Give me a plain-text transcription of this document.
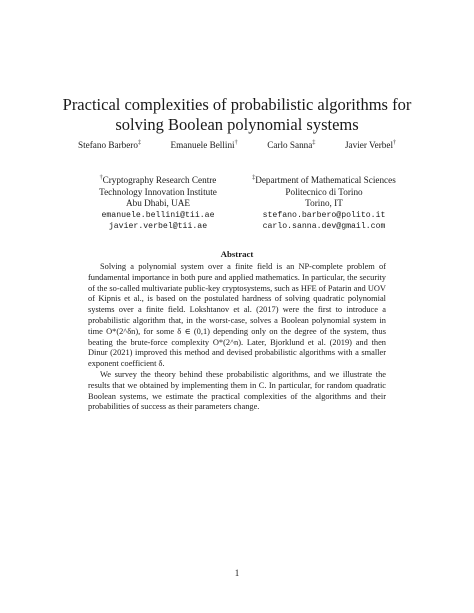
Practical complexities of probabilistic algorithms for
solving Boolean polynomial systems
Stefano Barbero‡	Emanuele Bellini†	Carlo Sanna‡	Javier Verbel†
†Cryptography Research Centre
Technology Innovation Institute
Abu Dhabi, UAE
emanuele.bellini@tii.ae
javier.verbel@tii.ae
‡Department of Mathematical Sciences
Politecnico di Torino
Torino, IT
stefano.barbero@polito.it
carlo.sanna.dev@gmail.com
Abstract

Solving a polynomial system over a finite field is an NP-complete problem of fundamental importance in both pure and applied mathematics. In particular, the security of the so-called multivariate public-key cryptosystems, such as HFE of Patarin and UOV of Kipnis et al., is based on the postulated hardness of solving quadratic polynomial systems over a finite field. Lokshtanov et al. (2017) were the first to introduce a probabilistic algorithm that, in the worst-case, solves a Boolean polynomial system in time O*(2^δn), for some δ ∈ (0,1) depending only on the degree of the system, thus beating the brute-force complexity O*(2^n). Later, Bjorklund et al. (2019) and then Dinur (2021) improved this method and devised probabilistic algorithms with a smaller exponent coefficient δ.

We survey the theory behind these probabilistic algorithms, and we illustrate the results that we obtained by implementing them in C. In particular, for random quadratic Boolean systems, we estimate the practical complexities of the algorithms and their probabilities of success as their parameters change.

1
